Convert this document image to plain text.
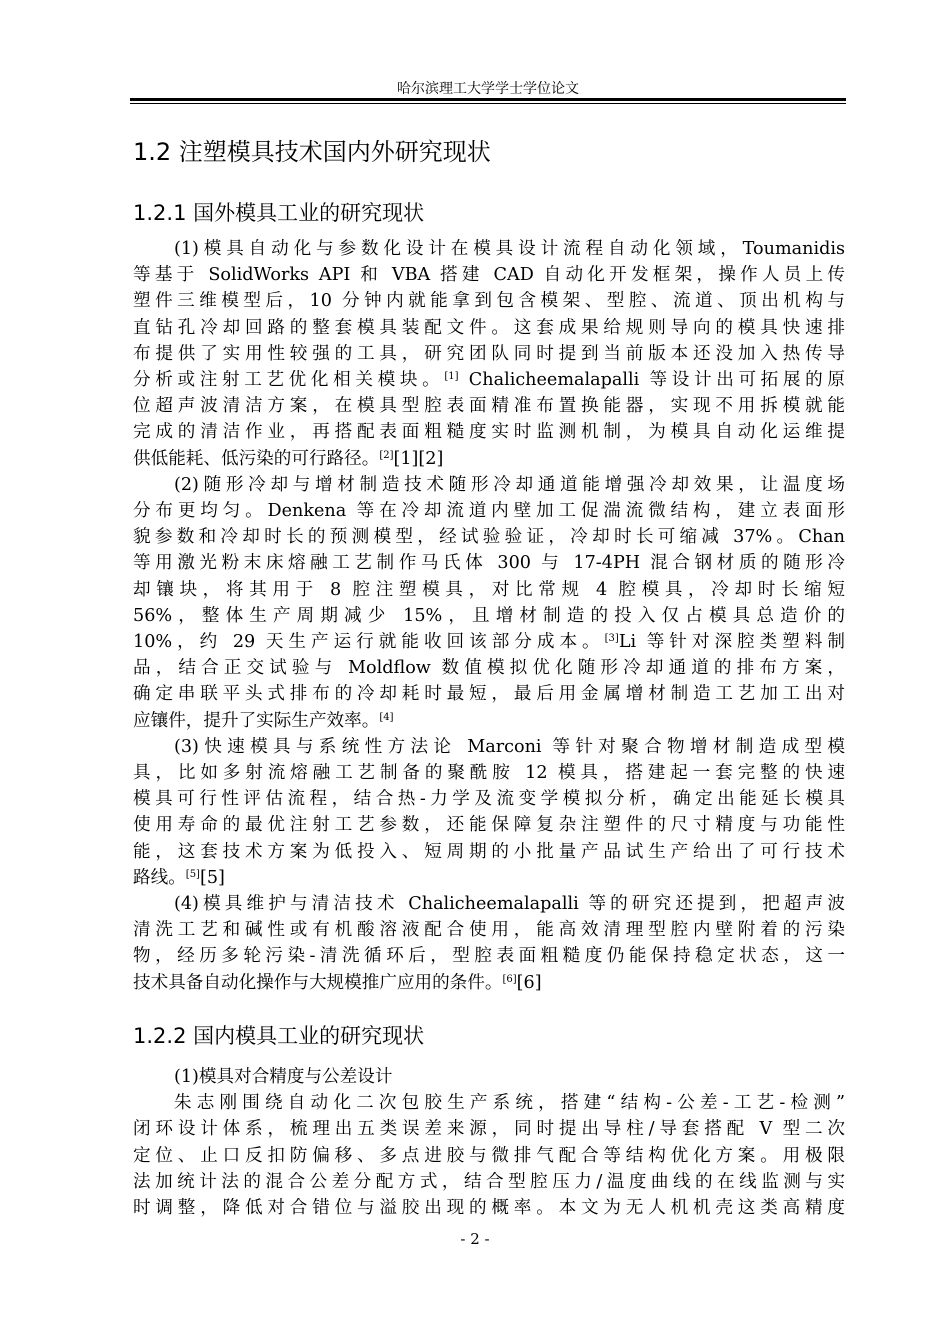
哈尔滨理工大学学士学位论文
1.2 注塑模具技术国内外研究现状
1.2.1 国外模具工业的研究现状
(1)模具自动化与参数化设计在模具设计流程自动化领域，Toumanidis
等基于 SolidWorks API 和 VBA 搭建 CAD 自动化开发框架，操作人员上传
塑件三维模型后，10 分钟内就能拿到包含模架、型腔、流道、顶出机构与
直钻孔冷却回路的整套模具装配文件。这套成果给规则导向的模具快速排
布提供了实用性较强的工具，研究团队同时提到当前版本还没加入热传导
分析或注射工艺优化相关模块。[1] Chalicheemalapalli 等设计出可拓展的原
位超声波清洁方案，在模具型腔表面精准布置换能器，实现不用拆模就能
完成的清洁作业，再搭配表面粗糙度实时监测机制，为模具自动化运维提
供低能耗、低污染的可行路径。[2][1][2]
(2)随形冷却与增材制造技术随形冷却通道能增强冷却效果，让温度场
分布更均匀。Denkena 等在冷却流道内壁加工促湍流微结构，建立表面形
貌参数和冷却时长的预测模型，经试验验证，冷却时长可缩减 37%。Chan
等用激光粉末床熔融工艺制作马氏体 300 与 17-4PH 混合钢材质的随形冷
却镶块，将其用于 8 腔注塑模具，对比常规 4 腔模具，冷却时长缩短
56%，整体生产周期减少 15%，且增材制造的投入仅占模具总造价的
10%，约 29 天生产运行就能收回该部分成本。[3]Li 等针对深腔类塑料制
品，结合正交试验与 Moldflow 数值模拟优化随形冷却通道的排布方案，
确定串联平头式排布的冷却耗时最短，最后用金属增材制造工艺加工出对
应镶件，提升了实际生产效率。[4]
(3)快速模具与系统性方法论 Marconi 等针对聚合物增材制造成型模
具，比如多射流熔融工艺制备的聚酰胺 12 模具，搭建起一套完整的快速
模具可行性评估流程，结合热-力学及流变学模拟分析，确定出能延长模具
使用寿命的最优注射工艺参数，还能保障复杂注塑件的尺寸精度与功能性
能，这套技术方案为低投入、短周期的小批量产品试生产给出了可行技术
路线。[5][5]
(4)模具维护与清洁技术 Chalicheemalapalli 等的研究还提到，把超声波
清洗工艺和碱性或有机酸溶液配合使用，能高效清理型腔内壁附着的污染
物，经历多轮污染-清洗循环后，型腔表面粗糙度仍能保持稳定状态，这一
技术具备自动化操作与大规模推广应用的条件。[6][6]
1.2.2 国内模具工业的研究现状
(1)模具对合精度与公差设计
朱志刚围绕自动化二次包胶生产系统，搭建“结构-公差-工艺-检测”
闭环设计体系，梳理出五类误差来源，同时提出导柱/导套搭配 V 型二次
定位、止口反扣防偏移、多点进胶与微排气配合等结构优化方案。用极限
法加统计法的混合公差分配方式，结合型腔压力/温度曲线的在线监测与实
时调整，降低对合错位与溢胶出现的概率。本文为无人机机壳这类高精度
- 2 -
